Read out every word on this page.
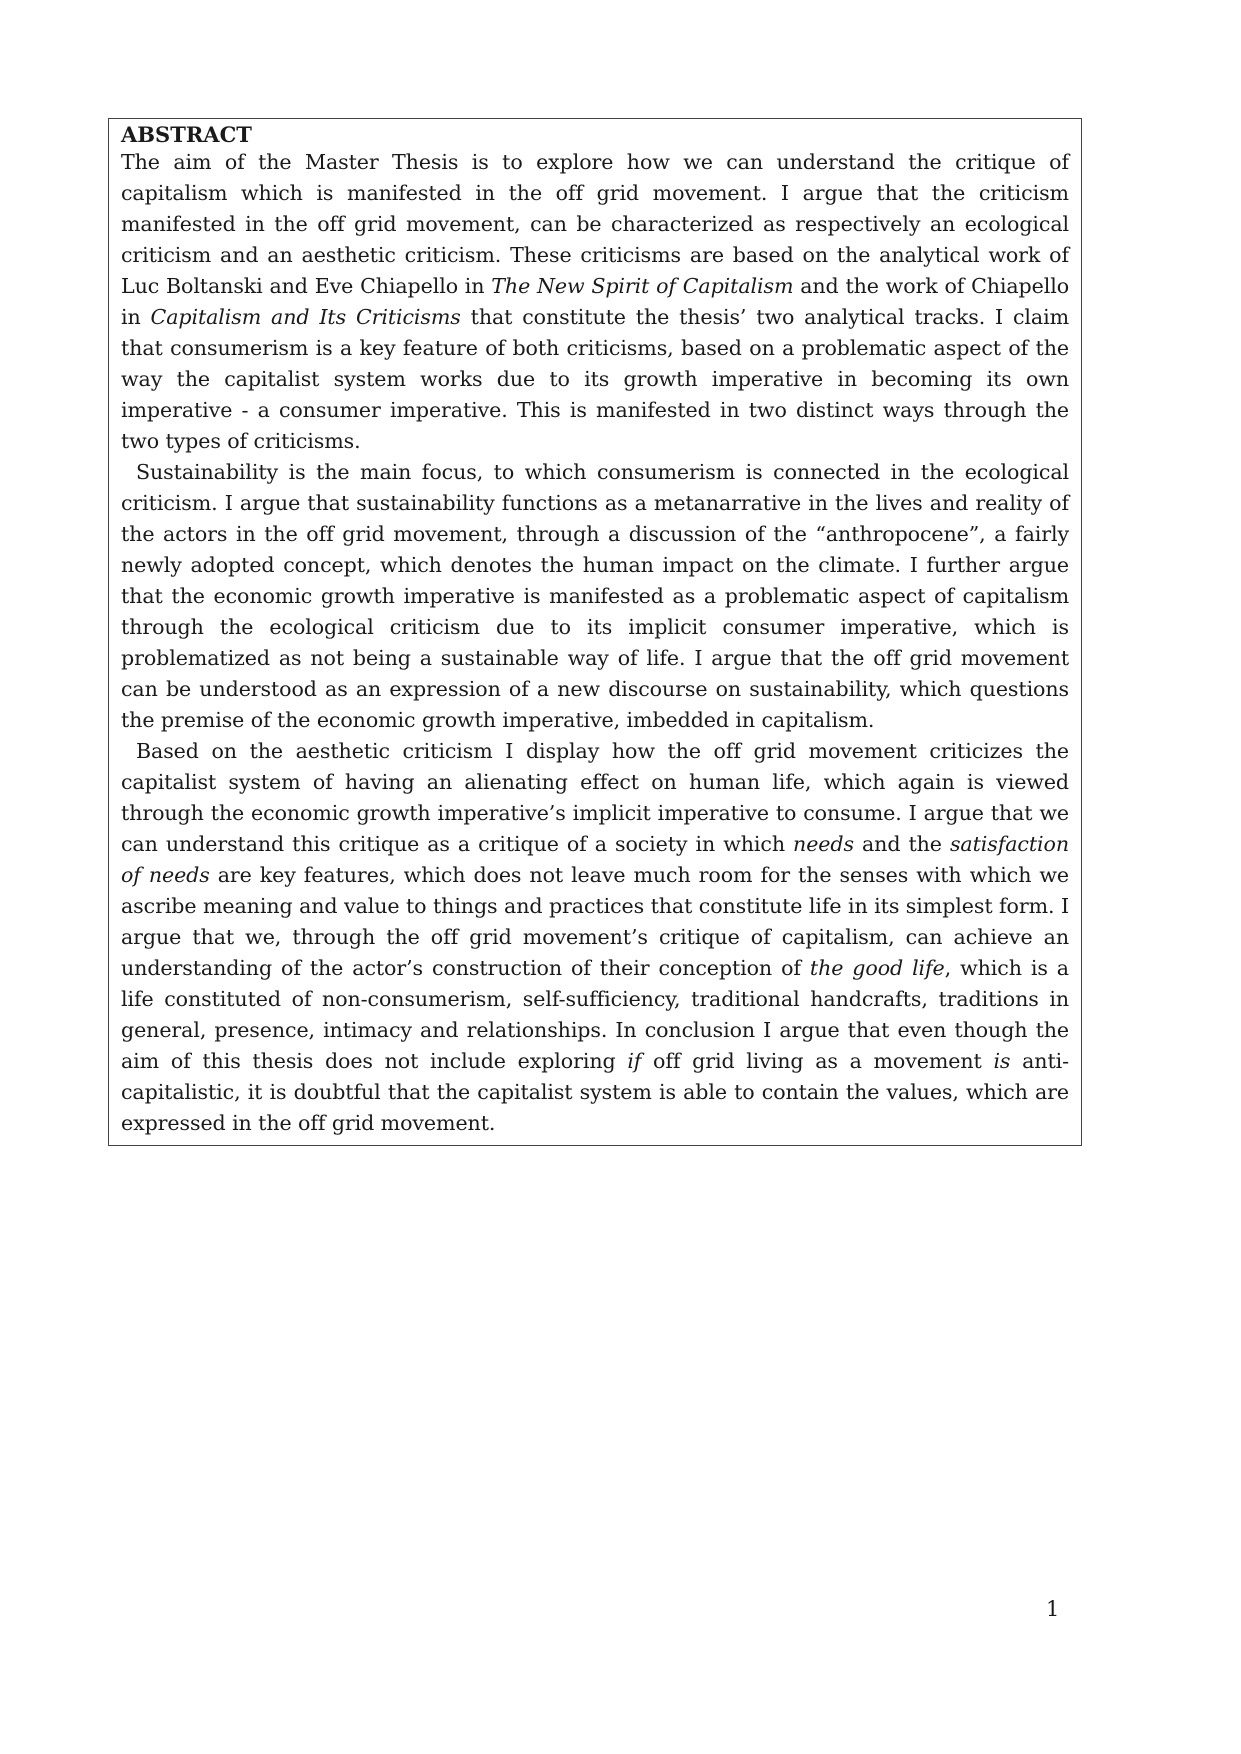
ABSTRACT

The aim of the Master Thesis is to explore how we can understand the critique of capitalism which is manifested in the off grid movement. I argue that the criticism manifested in the off grid movement, can be characterized as respectively an ecological criticism and an aesthetic criticism. These criticisms are based on the analytical work of Luc Boltanski and Eve Chiapello in The New Spirit of Capitalism and the work of Chiapello in Capitalism and Its Criticisms that constitute the thesis’ two analytical tracks. I claim that consumerism is a key feature of both criticisms, based on a problematic aspect of the way the capitalist system works due to its growth imperative in becoming its own imperative - a consumer imperative. This is manifested in two distinct ways through the two types of criticisms.

Sustainability is the main focus, to which consumerism is connected in the ecological criticism. I argue that sustainability functions as a metanarrative in the lives and reality of the actors in the off grid movement, through a discussion of the “anthropocene”, a fairly newly adopted concept, which denotes the human impact on the climate. I further argue that the economic growth imperative is manifested as a problematic aspect of capitalism through the ecological criticism due to its implicit consumer imperative, which is problematized as not being a sustainable way of life. I argue that the off grid movement can be understood as an expression of a new discourse on sustainability, which questions the premise of the economic growth imperative, imbedded in capitalism.

Based on the aesthetic criticism I display how the off grid movement criticizes the capitalist system of having an alienating effect on human life, which again is viewed through the economic growth imperative’s implicit imperative to consume. I argue that we can understand this critique as a critique of a society in which needs and the satisfaction of needs are key features, which does not leave much room for the senses with which we ascribe meaning and value to things and practices that constitute life in its simplest form. I argue that we, through the off grid movement’s critique of capitalism, can achieve an understanding of the actor’s construction of their conception of the good life, which is a life constituted of non-consumerism, self-sufficiency, traditional handcrafts, traditions in general, presence, intimacy and relationships. In conclusion I argue that even though the aim of this thesis does not include exploring if off grid living as a movement is anti-capitalistic, it is doubtful that the capitalist system is able to contain the values, which are expressed in the off grid movement.

1
